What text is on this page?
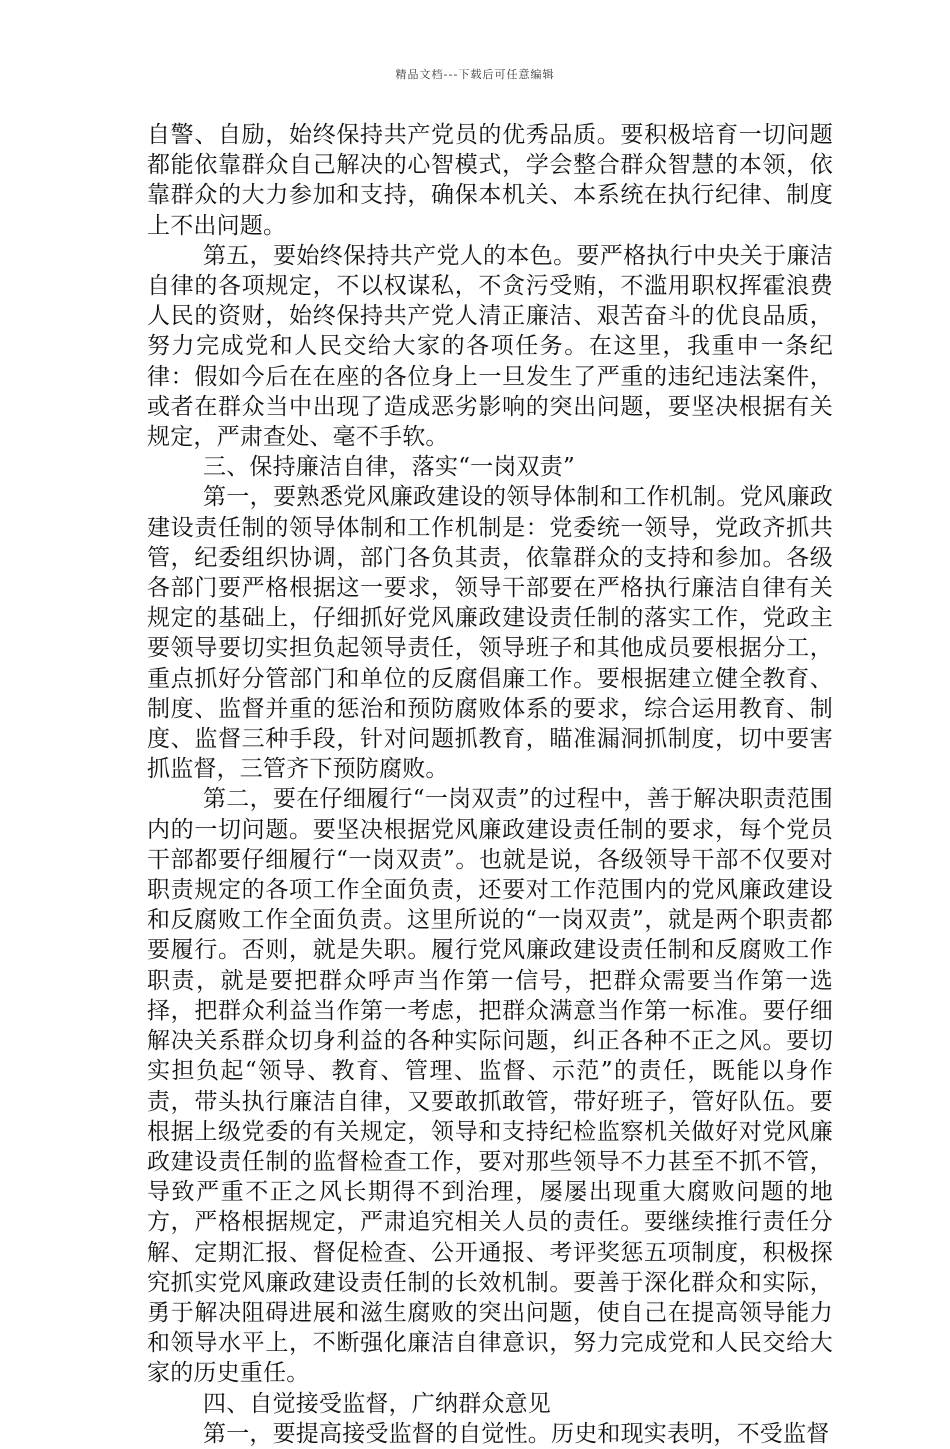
精品文档---下载后可任意编辑

自警、自励，始终保持共产党员的优秀品质。要积极培育一切问题都能依靠群众自己解决的心智模式，学会整合群众智慧的本领，依靠群众的大力参加和支持，确保本机关、本系统在执行纪律、制度上不出问题。

第五，要始终保持共产党人的本色。要严格执行中央关于廉洁自律的各项规定，不以权谋私，不贪污受贿，不滥用职权挥霍浪费人民的资财，始终保持共产党人清正廉洁、艰苦奋斗的优良品质，努力完成党和人民交给大家的各项任务。在这里，我重申一条纪律：假如今后在在座的各位身上一旦发生了严重的违纪违法案件，或者在群众当中出现了造成恶劣影响的突出问题，要坚决根据有关规定，严肃查处、毫不手软。

三、保持廉洁自律，落实“一岗双责”

第一，要熟悉党风廉政建设的领导体制和工作机制。党风廉政建设责任制的领导体制和工作机制是：党委统一领导，党政齐抓共管，纪委组织协调，部门各负其责，依靠群众的支持和参加。各级各部门要严格根据这一要求，领导干部要在严格执行廉洁自律有关规定的基础上，仔细抓好党风廉政建设责任制的落实工作，党政主要领导要切实担负起领导责任，领导班子和其他成员要根据分工，重点抓好分管部门和单位的反腐倡廉工作。要根据建立健全教育、制度、监督并重的惩治和预防腐败体系的要求，综合运用教育、制度、监督三种手段，针对问题抓教育，瞄准漏洞抓制度，切中要害抓监督，三管齐下预防腐败。

第二，要在仔细履行“一岗双责”的过程中，善于解决职责范围内的一切问题。要坚决根据党风廉政建设责任制的要求，每个党员干部都要仔细履行“一岗双责”。也就是说，各级领导干部不仅要对职责规定的各项工作全面负责，还要对工作范围内的党风廉政建设和反腐败工作全面负责。这里所说的“一岗双责”，就是两个职责都要履行。否则，就是失职。履行党风廉政建设责任制和反腐败工作职责，就是要把群众呼声当作第一信号，把群众需要当作第一选择，把群众利益当作第一考虑，把群众满意当作第一标准。要仔细解决关系群众切身利益的各种实际问题，纠正各种不正之风。要切实担负起“领导、教育、管理、监督、示范”的责任，既能以身作责，带头执行廉洁自律，又要敢抓敢管，带好班子，管好队伍。要根据上级党委的有关规定，领导和支持纪检监察机关做好对党风廉政建设责任制的监督检查工作，要对那些领导不力甚至不抓不管，导致严重不正之风长期得不到治理，屡屡出现重大腐败问题的地方，严格根据规定，严肃追究相关人员的责任。要继续推行责任分解、定期汇报、督促检查、公开通报、考评奖惩五项制度，积极探究抓实党风廉政建设责任制的长效机制。要善于深化群众和实际，勇于解决阻碍进展和滋生腐败的突出问题，使自己在提高领导能力和领导水平上，不断强化廉洁自律意识，努力完成党和人民交给大家的历史重任。

四、自觉接受监督，广纳群众意见

第一，要提高接受监督的自觉性。历史和现实表明，不受监督
